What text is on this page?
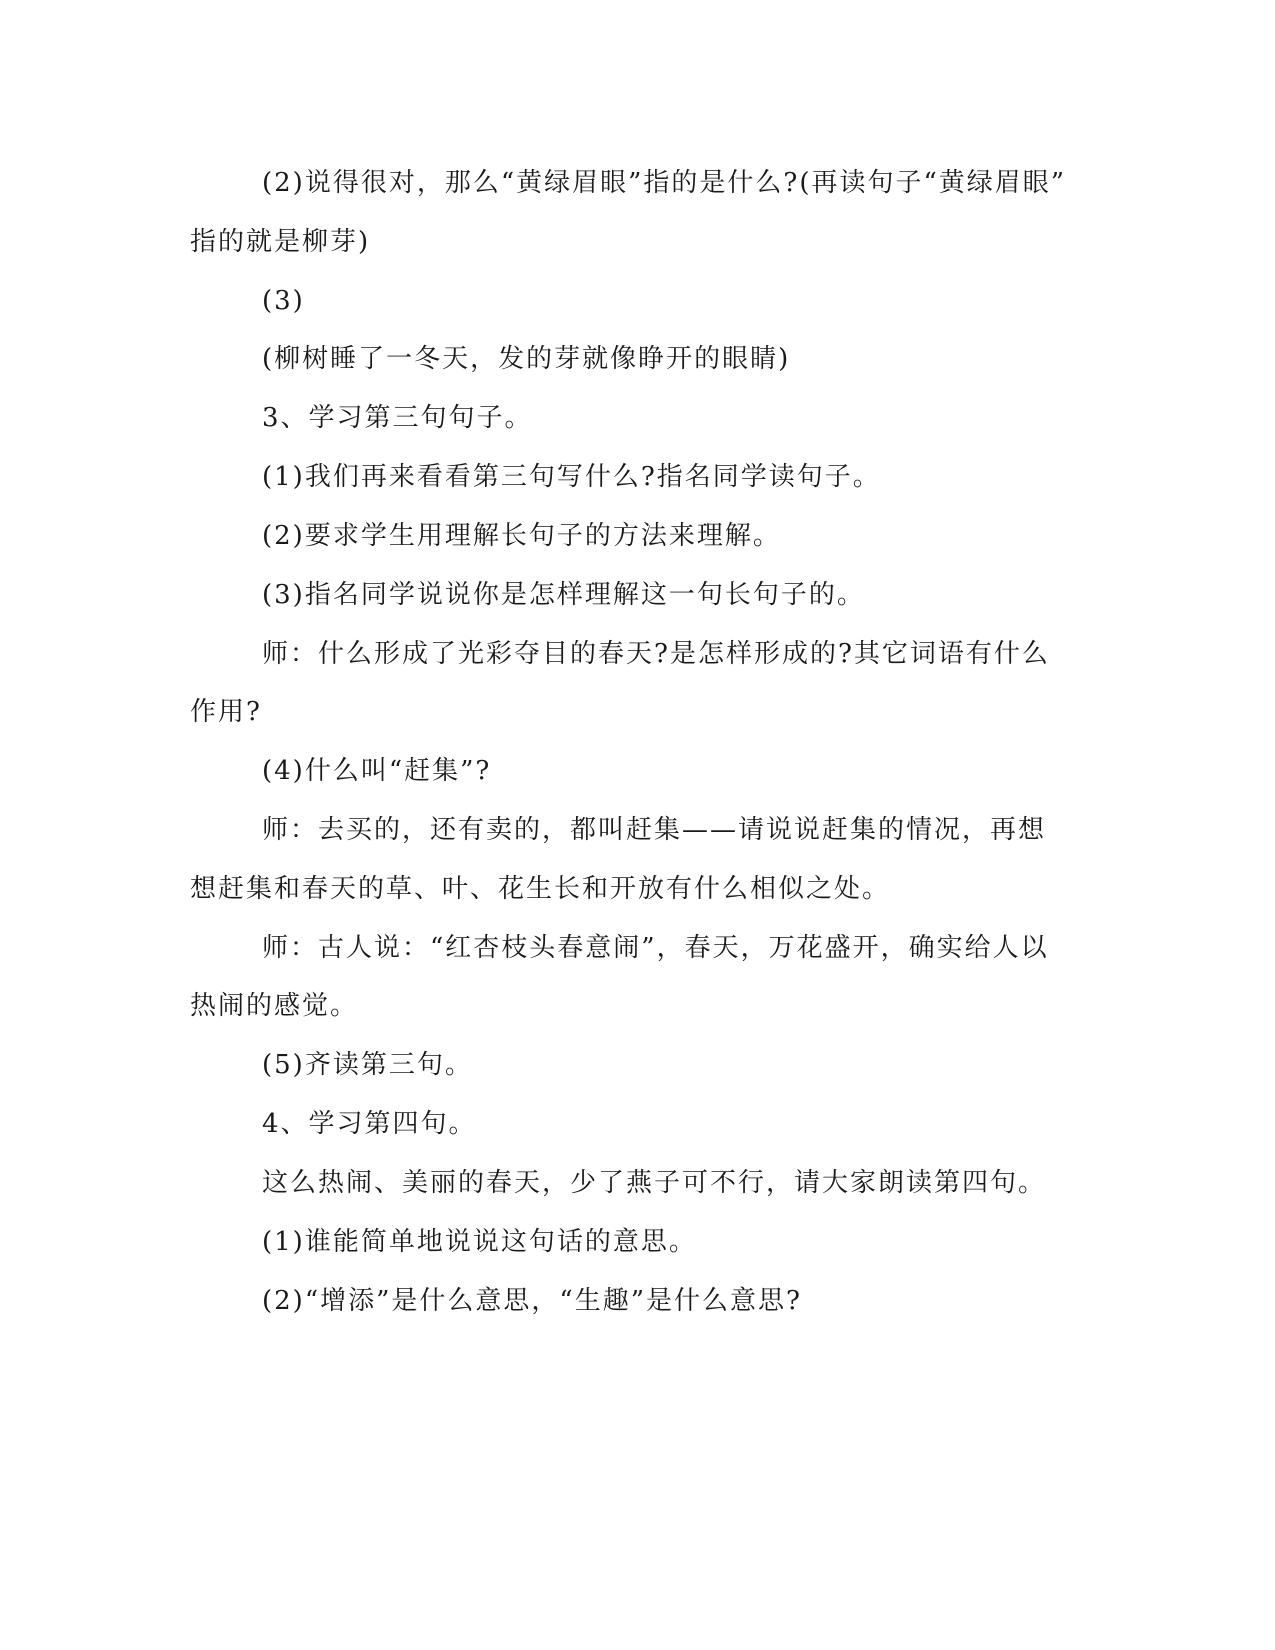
(2)说得很对，那么“黄绿眉眼”指的是什么?(再读句子“黄绿眉眼”
指的就是柳芽)
(3)
(柳树睡了一冬天，发的芽就像睁开的眼睛)
3、学习第三句句子。
(1)我们再来看看第三句写什么?指名同学读句子。
(2)要求学生用理解长句子的方法来理解。
(3)指名同学说说你是怎样理解这一句长句子的。
师：什么形成了光彩夺目的春天?是怎样形成的?其它词语有什么
作用?
(4)什么叫“赶集”?
师：去买的，还有卖的，都叫赶集——请说说赶集的情况，再想
想赶集和春天的草、叶、花生长和开放有什么相似之处。
师：古人说：“红杏枝头春意闹”，春天，万花盛开，确实给人以
热闹的感觉。
(5)齐读第三句。
4、学习第四句。
这么热闹、美丽的春天，少了燕子可不行，请大家朗读第四句。
(1)谁能简单地说说这句话的意思。
(2)“增添”是什么意思，“生趣”是什么意思?
